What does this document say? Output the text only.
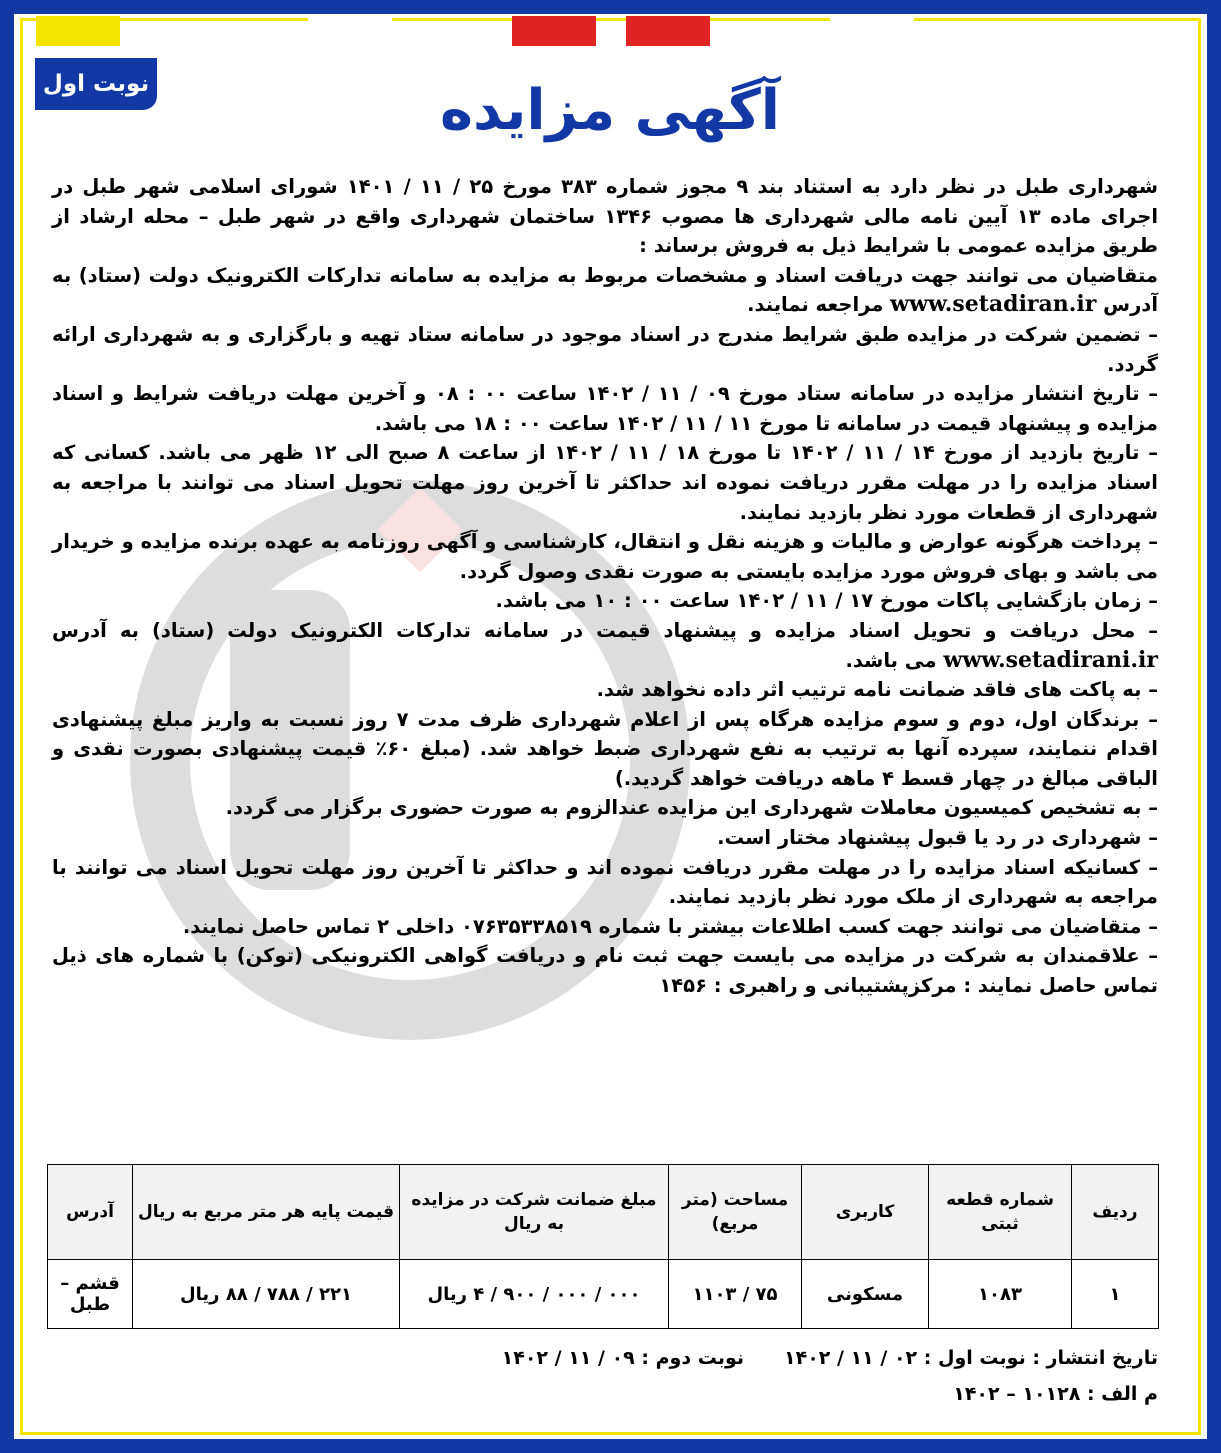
نوبت اول	آگهی مزایده

شهرداری طبل در نظر دارد به استناد بند ۹ مجوز شماره ۳۸۳ مورخ ۲۵ / ۱۱ / ۱۴۰۱ شورای اسلامی شهر طبل در اجرای ماده ۱۳ آیین نامه مالی شهرداری ها مصوب ۱۳۴۶ ساختمان شهرداری واقع در شهر طبل – محله ارشاد از طریق مزایده عمومی با شرایط ذیل به فروش برساند :

متقاضیان می توانند جهت دریافت اسناد و مشخصات مربوط به مزایده به سامانه تدارکات الکترونیک دولت (ستاد) به آدرس www.setadiran.ir مراجعه نمایند.

– تضمین شرکت در مزایده طبق شرایط مندرج در اسناد موجود در سامانه ستاد تهیه و بارگزاری و به شهرداری ارائه گردد.

– تاریخ انتشار مزایده در سامانه ستاد مورخ ۰۹ / ۱۱ / ۱۴۰۲ ساعت ۰۰ : ۰۸ و آخرین مهلت دریافت شرایط و اسناد مزایده و پیشنهاد قیمت در سامانه تا مورخ ۱۱ / ۱۱ / ۱۴۰۲ ساعت ۰۰ : ۱۸ می باشد.

– تاریخ بازدید از مورخ ۱۴ / ۱۱ / ۱۴۰۲ تا مورخ ۱۸ / ۱۱ / ۱۴۰۲ از ساعت ۸ صبح الی ۱۲ ظهر می باشد. کسانی که اسناد مزایده را در مهلت مقرر دریافت نموده اند حداکثر تا آخرین روز مهلت تحویل اسناد می توانند با مراجعه به شهرداری از قطعات مورد نظر بازدید نمایند.

– پرداخت هرگونه عوارض و مالیات و هزینه نقل و انتقال، کارشناسی و آگهی روزنامه به عهده برنده مزایده و خریدار می باشد و بهای فروش مورد مزایده بایستی به صورت نقدی وصول گردد.

– زمان بازگشایی پاکات مورخ ۱۷ / ۱۱ / ۱۴۰۲ ساعت ۰۰ : ۱۰ می باشد.

– محل دریافت و تحویل اسناد مزایده و پیشنهاد قیمت در سامانه تدارکات الکترونیک دولت (ستاد) به آدرس www.setadirani.ir می باشد.

– به پاکت های فاقد ضمانت نامه ترتیب اثر داده نخواهد شد.

– برندگان اول، دوم و سوم مزایده هرگاه پس از اعلام شهرداری ظرف مدت ۷ روز نسبت به واریز مبلغ پیشنهادی اقدام ننمایند، سپرده آنها به ترتیب به نفع شهرداری ضبط خواهد شد. (مبلغ ۶۰٪ قیمت پیشنهادی بصورت نقدی و الباقی مبالغ در چهار قسط ۴ ماهه دریافت خواهد گردید.)

– به تشخیص کمیسیون معاملات شهرداری این مزایده عندالزوم به صورت حضوری برگزار می گردد.

– شهرداری در رد یا قبول پیشنهاد مختار است.

– کسانیکه اسناد مزایده را در مهلت مقرر دریافت نموده اند و حداکثر تا آخرین روز مهلت تحویل اسناد می توانند با مراجعه به شهرداری از ملک مورد نظر بازدید نمایند.

– متقاضیان می توانند جهت کسب اطلاعات بیشتر با شماره ۰۷۶۳۵۳۳۸۵۱۹ داخلی ۲ تماس حاصل نمایند.

– علاقمندان به شرکت در مزایده می بایست جهت ثبت نام و دریافت گواهی الکترونیکی (توکن) با شماره های ذیل تماس حاصل نمایند : مرکزپشتیبانی و راهبری : ۱۴۵۶

ردیف	شماره قطعه ثبتی	کاربری	مساحت (متر مربع)	مبلغ ضمانت شرکت در مزایده به ریال	قیمت پایه هر متر مربع به ریال	آدرس
۱	۱۰۸۳	مسکونی	۷۵ / ۱۱۰۳	۰۰۰ / ۰۰۰ / ۹۰۰ / ۴ ریال	۲۲۱ / ۷۸۸ / ۸۸ ریال	قشم – طبل
تاریخ انتشار : نوبت اول : ۰۲ / ۱۱ / ۱۴۰۲نوبت دوم : ۰۹ / ۱۱ / ۱۴۰۲
م الف : ۱۰۱۲۸ – ۱۴۰۲
